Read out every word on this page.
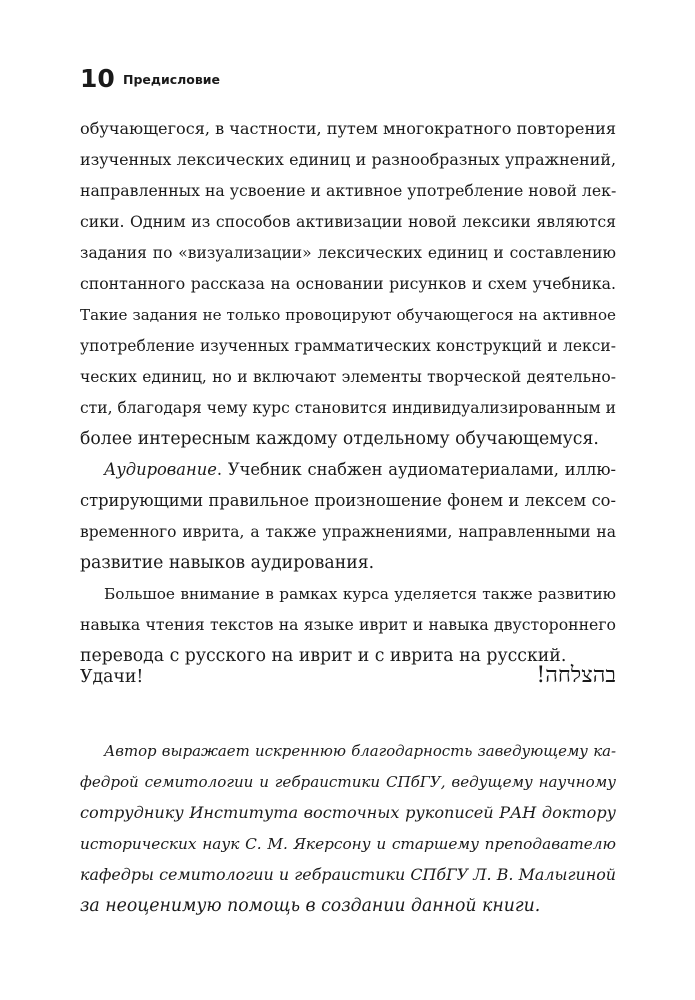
10 Предисловие
обучающегося, в частности, путем многократного повторения
изученных лексических единиц и разнообразных упражнений,
направленных на усвоение и активное употребление новой лек-
сики. Одним из способов активизации новой лексики являются
задания по «визуализации» лексических единиц и составлению
спонтанного рассказа на основании рисунков и схем учебника.
Такие задания не только провоцируют обучающегося на активное
употребление изученных грамматических конструкций и лекси-
ческих единиц, но и включают элементы творческой деятельно-
сти, благодаря чему курс становится индивидуализированным и
более интересным каждому отдельному обучающемуся.
Аудирование. Учебник снабжен аудиоматериалами, иллю-
стрирующими правильное произношение фонем и лексем со-
временного иврита, а также упражнениями, направленными на
развитие навыков аудирования.
Большое внимание в рамках курса уделяется также развитию
навыка чтения текстов на языке иврит и навыка двустороннего
перевода с русского на иврит и с иврита на русский.
Удачи!	בהצלחה!
Автор выражает искреннюю благодарность заведующему ка-
федрой семитологии и гебраистики СПбГУ, ведущему научному
сотруднику Института восточных рукописей РАН доктору
исторических наук С. М. Якерсону и старшему преподавателю
кафедры семитологии и гебраистики СПбГУ Л. В. Малыгиной
за неоценимую помощь в создании данной книги.
